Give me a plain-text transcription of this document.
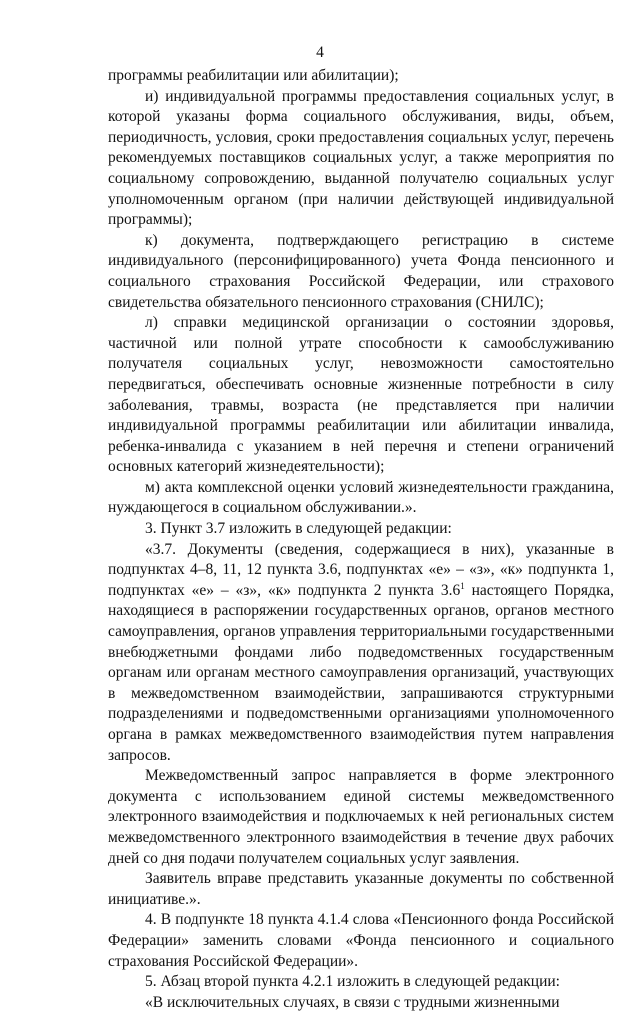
4

программы реабилитации или абилитации);

и) индивидуальной программы предоставления социальных услуг, в которой указаны форма социального обслуживания, виды, объем, периодичность, условия, сроки предоставления социальных услуг, перечень рекомендуемых поставщиков социальных услуг, а также мероприятия по социальному сопровождению, выданной получателю социальных услуг уполномоченным органом (при наличии действующей индивидуальной программы);

к) документа, подтверждающего регистрацию в системе индивидуального (персонифицированного) учета Фонда пенсионного и социального страхования Российской Федерации, или страхового свидетельства обязательного пенсионного страхования (СНИЛС);

л) справки медицинской организации о состоянии здоровья, частичной или полной утрате способности к самообслуживанию получателя социальных услуг, невозможности самостоятельно передвигаться, обеспечивать основные жизненные потребности в силу заболевания, травмы, возраста (не представляется при наличии индивидуальной программы реабилитации или абилитации инвалида, ребенка-инвалида с указанием в ней перечня и степени ограничений основных категорий жизнедеятельности);

м) акта комплексной оценки условий жизнедеятельности гражданина, нуждающегося в социальном обслуживании.».

3. Пункт 3.7 изложить в следующей редакции:

«3.7. Документы (сведения, содержащиеся в них), указанные в подпунктах 4–8, 11, 12 пункта 3.6, подпунктах «е» – «з», «к» подпункта 1, подпунктах «е» – «з», «к» подпункта 2 пункта $3.6^1$ настоящего Порядка, находящиеся в распоряжении государственных органов, органов местного самоуправления, органов управления территориальными государственными внебюджетными фондами либо подведомственных государственным органам или органам местного самоуправления организаций, участвующих в межведомственном взаимодействии, запрашиваются структурными подразделениями и подведомственными организациями уполномоченного органа в рамках межведомственного взаимодействия путем направления запросов.

Межведомственный запрос направляется в форме электронного документа с использованием единой системы межведомственного электронного взаимодействия и подключаемых к ней региональных систем межведомственного электронного взаимодействия в течение двух рабочих дней со дня подачи получателем социальных услуг заявления.

Заявитель вправе представить указанные документы по собственной инициативе.».

4. В подпункте 18 пункта 4.1.4 слова «Пенсионного фонда Российской Федерации» заменить словами «Фонда пенсионного и социального страхования Российской Федерации».

5. Абзац второй пункта 4.2.1 изложить в следующей редакции:

«В исключительных случаях, в связи с трудными жизненными
